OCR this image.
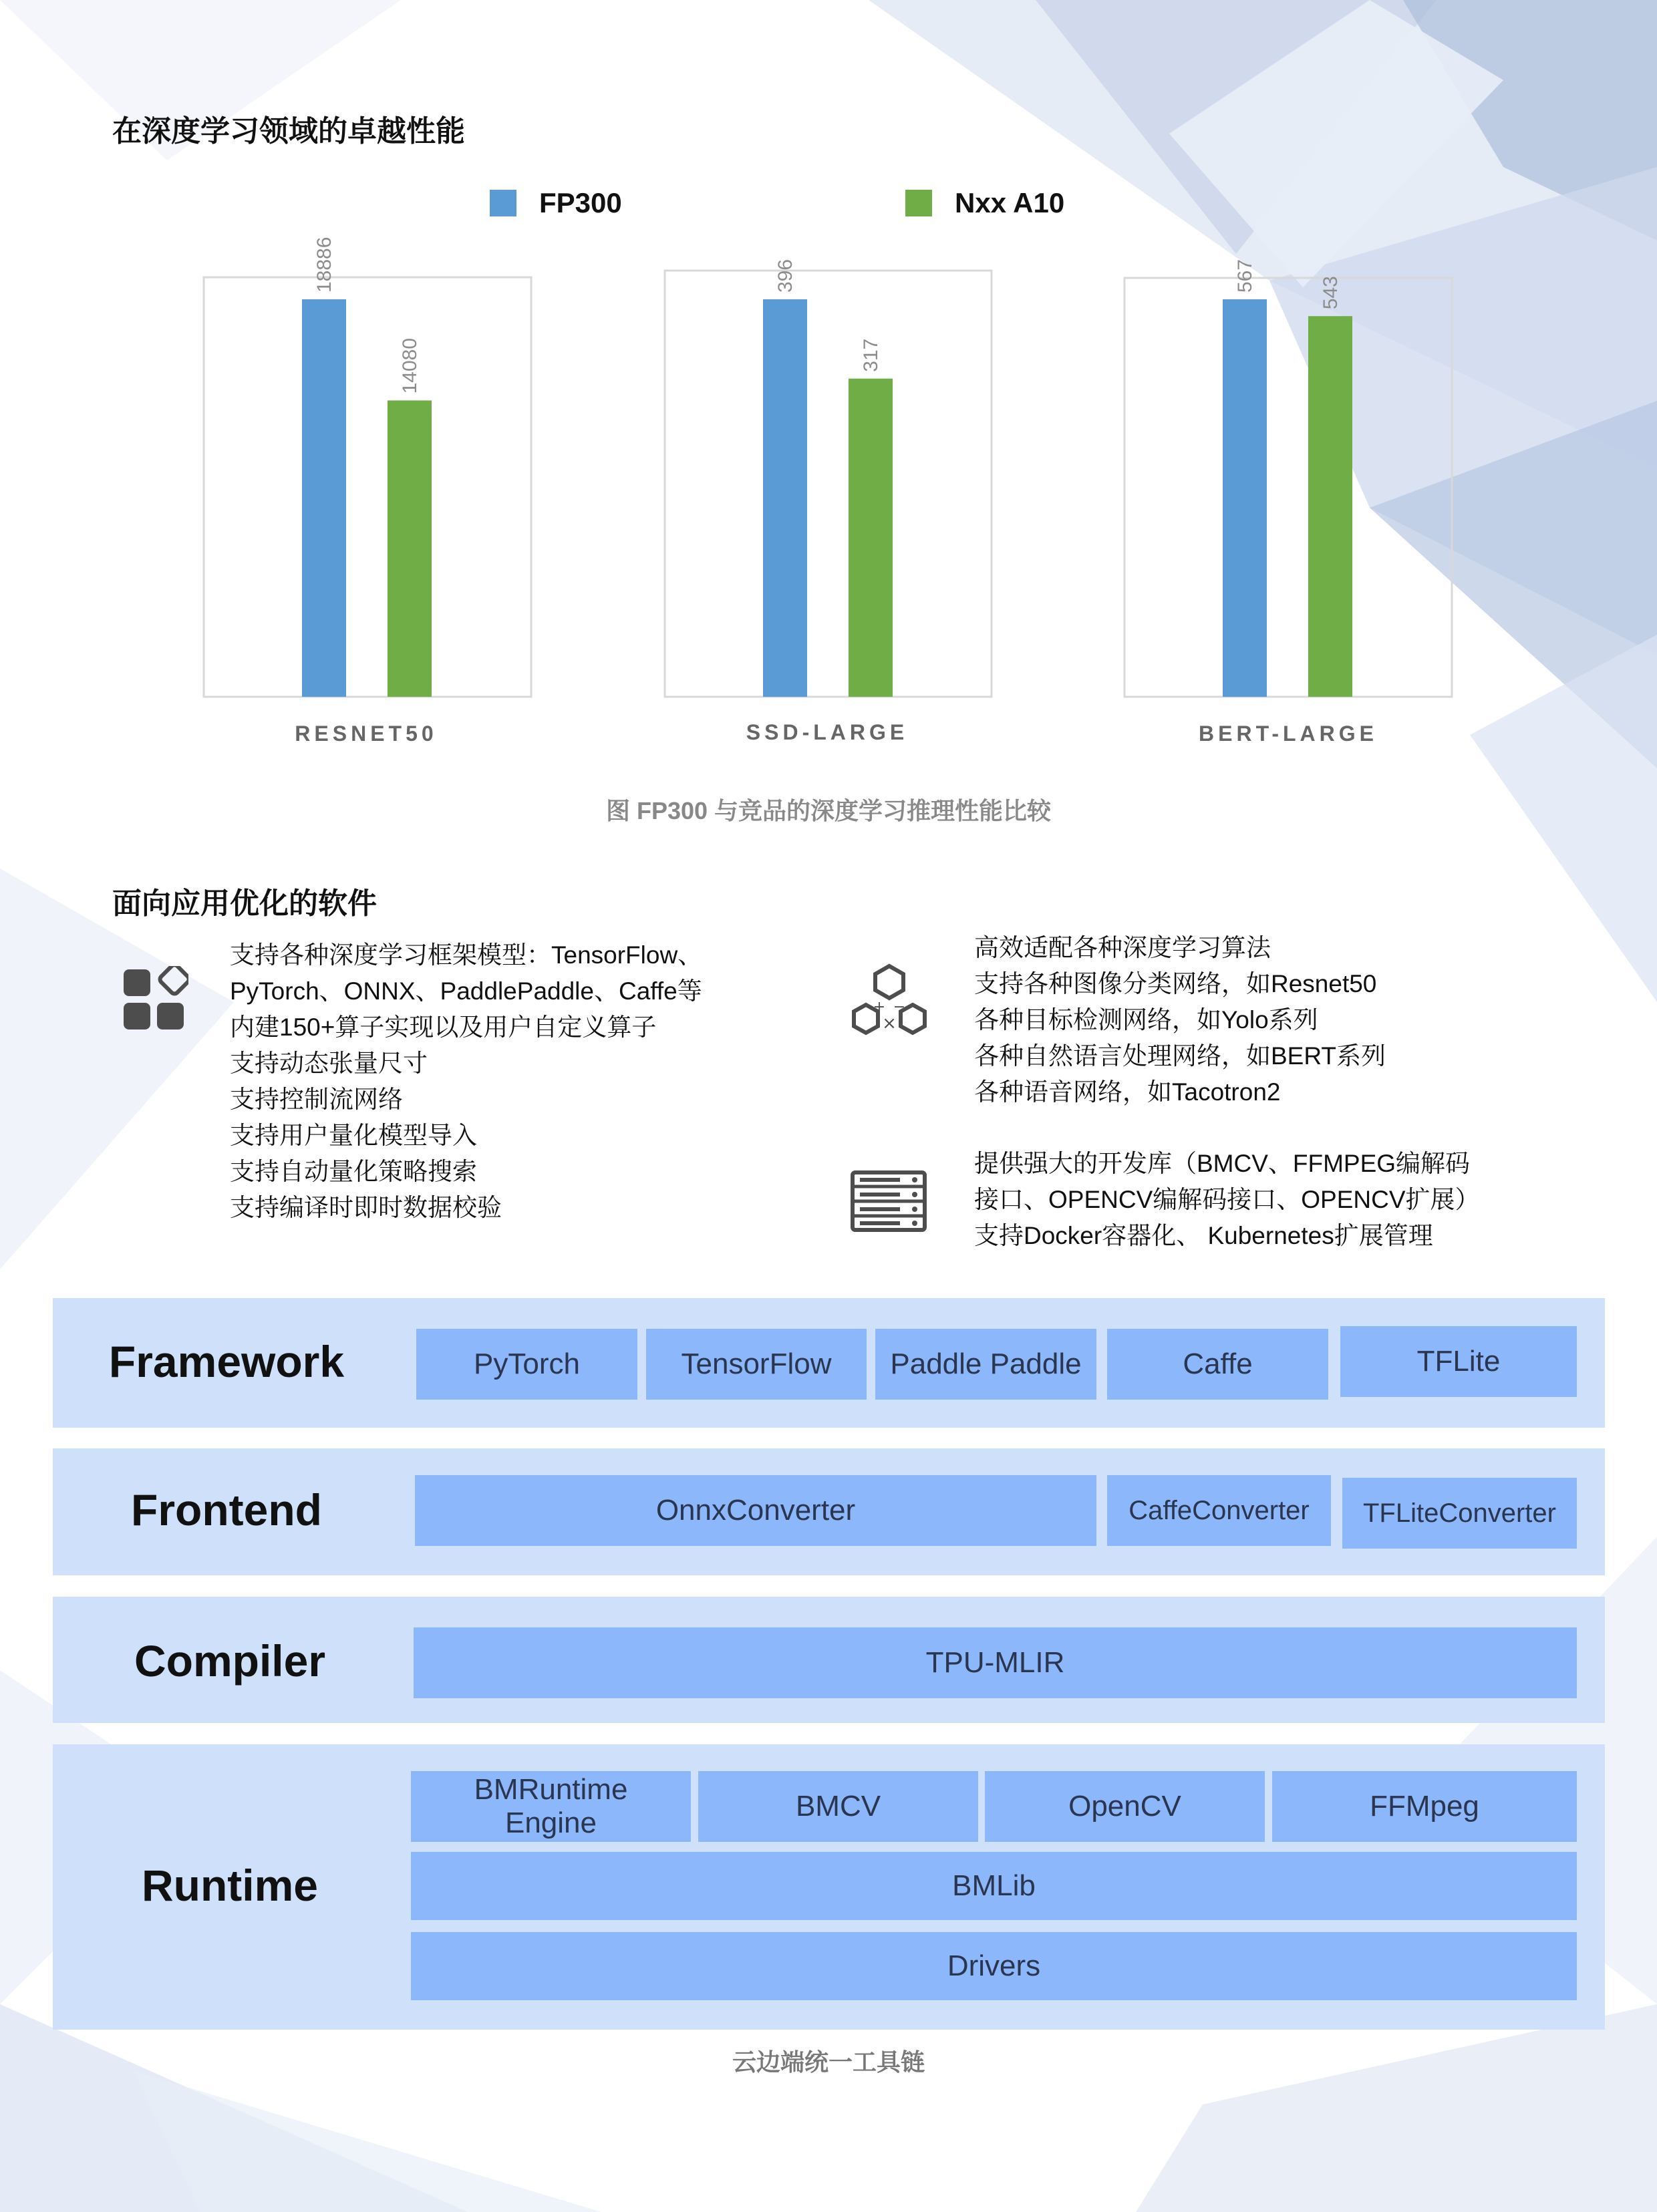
在深度学习领域的卓越性能
FP300	Nxx A10
18886
14080
396
317
567
543
RESNET50	SSD-LARGE	BERT-LARGE
图 FP300 与竞品的深度学习推理性能比较
面向应用优化的软件
支持各种深度学习框架模型：TensorFlow、
PyTorch、ONNX、PaddlePaddle、Caffe等
内建150+算子实现以及用户自定义算子
支持动态张量尺寸
支持控制流网络
支持用户量化模型导入
支持自动量化策略搜索
支持编译时即时数据校验
×
+ −
高效适配各种深度学习算法
支持各种图像分类网络，如Resnet50
各种目标检测网络，如Yolo系列
各种自然语言处理网络，如BERT系列
各种语音网络，如Tacotron2
提供强大的开发库（BMCV、FFMPEG编解码
接口、OPENCV编解码接口、OPENCV扩展）
支持Docker容器化、 Kubernetes扩展管理
Framework	PyTorch	TensorFlow	Paddle Paddle	Caffe	TFLite
Frontend	OnnxConverter	CaffeConverter	TFLiteConverter
Compiler	TPU-MLIR
Runtime
BMRuntime
Engine
BMCV	OpenCV	FFMpeg
BMLib
Drivers
云边端统一工具链
